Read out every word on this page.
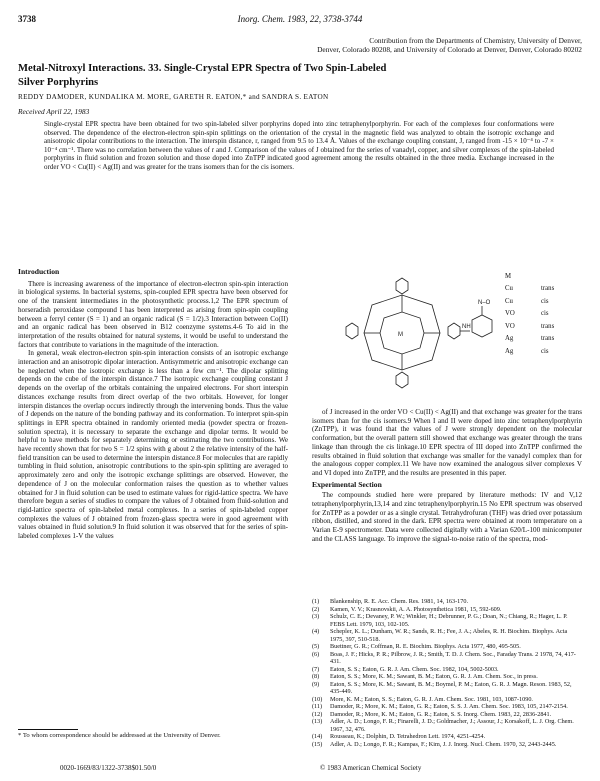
3738	Inorg. Chem. 1983, 22, 3738-3744
Contribution from the Departments of Chemistry, University of Denver,
Denver, Colorado 80208, and University of Colorado at Denver, Denver, Colorado 80202
Metal-Nitroxyl Interactions. 33. Single-Crystal EPR Spectra of Two Spin-Labeled
Silver Porphyrins
REDDY DAMODER, KUNDALIKA M. MORE, GARETH R. EATON,* and SANDRA S. EATON
Received April 22, 1983
Single-crystal EPR spectra have been obtained for two spin-labeled silver porphyrins doped into zinc tetraphenylporphyrin. For each of the complexes four conformations were observed. The dependence of the electron-electron spin-spin splittings on the orientation of the crystal in the magnetic field was analyzed to obtain the isotropic exchange and anisotropic dipolar contributions to the interaction. The interspin distance, r, ranged from 9.5 to 13.4 Å. Values of the exchange coupling constant, J, ranged from -15 × 10⁻⁴ to -7 × 10⁻⁴ cm⁻¹. There was no correlation between the values of r and J. Comparison of the values of J obtained for the series of vanadyl, copper, and silver complexes of the spin-labeled porphyrins in fluid solution and frozen solution and those doped into ZnTPP indicated good agreement among the results obtained in the three media. Exchange increased in the order VO < Cu(II) < Ag(II) and was greater for the trans isomers than for the cis isomers.
Introduction

There is increasing awareness of the importance of electron-electron spin-spin interaction in biological systems. In bacterial systems, spin-coupled EPR spectra have been observed for one of the transient intermediates in the photosynthetic process.1,2 The EPR spectrum of horseradish peroxidase compound I has been interpreted as arising from spin-spin coupling between a ferryl center (S = 1) and an organic radical (S = 1/2).3 Interaction between Co(II) and an organic radical has been observed in B12 coenzyme systems.4-6 To aid in the interpretation of the results obtained for natural systems, it would be useful to understand the factors that contribute to variations in the magnitude of the interaction.

In general, weak electron-electron spin-spin interaction consists of an isotropic exchange interaction and an anisotropic dipolar interaction. Antisymmetric and anisotropic exchange can be neglected when the isotropic exchange is less than a few cm⁻¹. The dipolar splitting depends on the cube of the interspin distance.7 The isotropic exchange coupling constant J depends on the overlap of the orbitals containing the unpaired electrons. For short interspin distances exchange results from direct overlap of the two orbitals. However, for longer interspin distances the overlap occurs indirectly through the intervening bonds. Thus the value of J depends on the nature of the bonding pathway and its conformation. To interpret spin-spin splittings in EPR spectra obtained in randomly oriented media (powder spectra or frozen-solution spectra), it is necessary to separate the exchange and dipolar terms. It would be helpful to have methods for separately determining or estimating the two contributions. We have recently shown that for two S = 1/2 spins with g about 2 the relative intensity of the half-field transition can be used to determine the interspin distance.8 For molecules that are rapidly tumbling in fluid solution, anisotropic contributions to the spin-spin splitting are averaged to approximately zero and only the isotropic exchange splittings are observed. However, the dependence of J on the molecular conformation raises the question as to whether values obtained for J in fluid solution can be used to estimate values for rigid-lattice spectra. We have therefore begun a series of studies to compare the values of J obtained from fluid-solution and rigid-lattice spectra of spin-labeled metal complexes. In a series of spin-labeled copper complexes the values of J obtained from frozen-glass spectra were in good agreement with values obtained in fluid solution.9 In fluid solution it was observed that for the series of spin-labeled complexes 1-V the values

M
N–O
NH
M
Cu	trans
Cu	cis
VO	cis
VO	trans
Ag	trans
Ag	cis

of J increased in the order VO < Cu(II) < Ag(II) and that exchange was greater for the trans isomers than for the cis isomers.9 When I and II were doped into zinc tetraphenylporphyrin (ZnTPP), it was found that the values of J were strongly dependent on the molecular conformation, but the overall pattern still showed that exchange was greater through the trans linkage than through the cis linkage.10 EPR spectra of III doped into ZnTPP confirmed the results obtained in fluid solution that exchange was smaller for the vanadyl complex than for the analogous copper complex.11 We have now examined the analogous silver complexes V and VI doped into ZnTPP, and the results are presented in this paper.

Experimental Section

The compounds studied here were prepared by literature methods: IV and V,12 tetraphenylporphyrin,13,14 and zinc tetraphenylporphyrin.15 No EPR spectrum was observed for ZnTPP as a powder or as a single crystal. Tetrahydrofuran (THF) was dried over potassium ribbon, distilled, and stored in the dark. EPR spectra were obtained at room temperature on a Varian E-9 spectrometer. Data were collected digitally with a Varian 620/L-100 minicomputer and the CLASS language. To improve the signal-to-noise ratio of the spectra, mod-

* To whom correspondence should be addressed at the University of Denver.
(1)	Blankenship, R. E. Acc. Chem. Res. 1981, 14, 163-170.
(2)	Kamen, V. V.; Krasnovskii, A. A. Photosynthetica 1981, 15, 592-609.
(3)	Schulz, C. E.; Devaney, P. W.; Winkler, H.; Debrunner, P. G.; Doan, N.; Chiang, R.; Hager, L. P. FEBS Lett. 1979, 103, 102-105.
(4)	Schepler, K. L.; Dunham, W. R.; Sands, R. H.; Fee, J. A.; Abeles, R. H. Biochim. Biophys. Acta 1975, 397, 510-518.
(5)	Buettner, G. R.; Coffman, R. E. Biochim. Biophys. Acta 1977, 480, 495-505.
(6)	Boas, J. F.; Hicks, P. R.; Pilbrow, J. R.; Smith, T. D. J. Chem. Soc., Faraday Trans. 2 1978, 74, 417-431.
(7)	Eaton, S. S.; Eaton, G. R. J. Am. Chem. Soc. 1982, 104, 5002-5003.
(8)	Eaton, S. S.; More, K. M.; Sawant, B. M.; Eaton, G. R. J. Am. Chem. Soc., in press.
(9)	Eaton, S. S.; More, K. M.; Sawant, B. M.; Boymel, P. M.; Eaton, G. R. J. Magn. Reson. 1983, 52, 435-449.
(10)	More, K. M.; Eaton, S. S.; Eaton, G. R. J. Am. Chem. Soc. 1981, 103, 1087-1090.
(11)	Damoder, R.; More, K. M.; Eaton, G. R.; Eaton, S. S. J. Am. Chem. Soc. 1983, 105, 2147-2154.
(12)	Damoder, R.; More, K. M.; Eaton, G. R.; Eaton, S. S. Inorg. Chem. 1983, 22, 2836-2841.
(13)	Adler, A. D.; Longo, F. R.; Finarelli, J. D.; Goldmacher, J.; Assour, J.; Korsakoff, L. J. Org. Chem. 1967, 32, 476.
(14)	Rousseau, K.; Dolphin, D. Tetrahedron Lett. 1974, 4251-4254.
(15)	Adler, A. D.; Longo, F. R.; Kampas, F.; Kim, J. J. Inorg. Nucl. Chem. 1970, 32, 2443-2445.
0020-1669/83/1322-3738$01.50/0	© 1983 American Chemical Society
